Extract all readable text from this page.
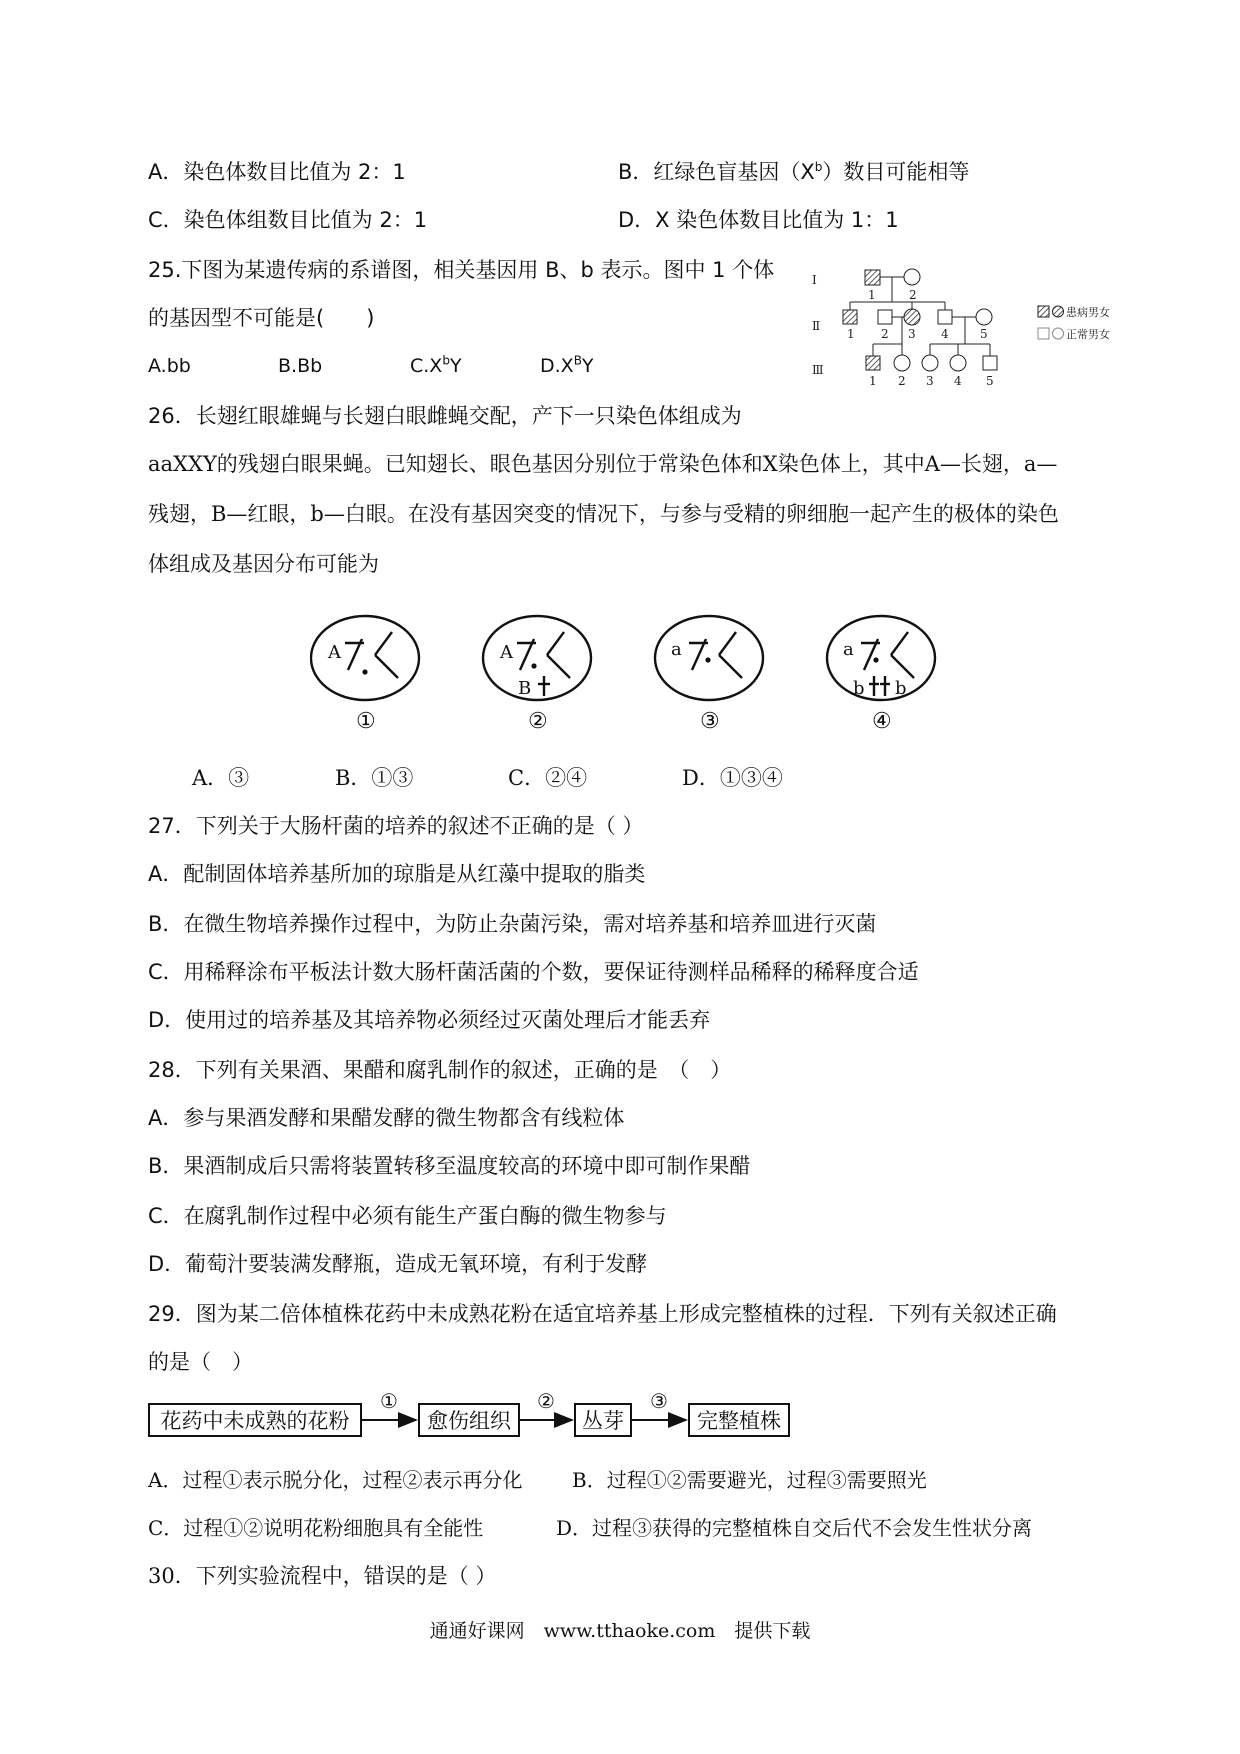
A．染色体数目比值为 2：1	B．红绿色盲基因$(X^b)$数目可能相等
C．染色体组数目比值为 2：1	D．X 染色体数目比值为 1：1
25.下图为某遗传病的系谱图，相关基因用 B、b 表示。图中 1 个体
的基因型不可能是(　　)
A.bb	B.Bb	$C.X^bY$	$D.X^BY$
Ⅰ
Ⅱ
Ⅲ
1	2
1 2 3 4	5
1 2 3 4 5
患病男女
正常男女
26．长翅红眼雄蝇与长翅白眼雌蝇交配，产下一只染色体组成为
aaXXY的残翅白眼果蝇。已知翅长、眼色基因分别位于常染色体和X染色体上，其中A—长翅，a—
残翅，B—红眼，b—白眼。在没有基因突变的情况下，与参与受精的卵细胞一起产生的极体的染色
体组成及基因分布可能为
A
①
A
B
②
a
③
a
b b
④
A．③	B．①③	C．②④	D．①③④
27．下列关于大肠杆菌的培养的叙述不正确的是（ ）
A．配制固体培养基所加的琼脂是从红藻中提取的脂类
B．在微生物培养操作过程中，为防止杂菌污染，需对培养基和培养皿进行灭菌
C．用稀释涂布平板法计数大肠杆菌活菌的个数，要保证待测样品稀释的稀释度合适
D．使用过的培养基及其培养物必须经过灭菌处理后才能丢弃
28．下列有关果酒、果醋和腐乳制作的叙述，正确的是　（　）
A．参与果酒发酵和果醋发酵的微生物都含有线粒体
B．果酒制成后只需将装置转移至温度较高的环境中即可制作果醋
C．在腐乳制作过程中必须有能生产蛋白酶的微生物参与
D．葡萄汁要装满发酵瓶，造成无氧环境，有利于发酵
29．图为某二倍体植株花药中未成熟花粉在适宜培养基上形成完整植株的过程．下列有关叙述正确
的是（　）
花药中未成熟的花粉
①
愈伤组织
②
丛芽
③
完整植株
A．过程①表示脱分化，过程②表示再分化 B．过程①②需要避光，过程③需要照光
C．过程①②说明花粉细胞具有全能性	D．过程③获得的完整植株自交后代不会发生性状分离
30．下列实验流程中，错误的是（ ）
通通好课网　www.tthaoke.com　提供下载
